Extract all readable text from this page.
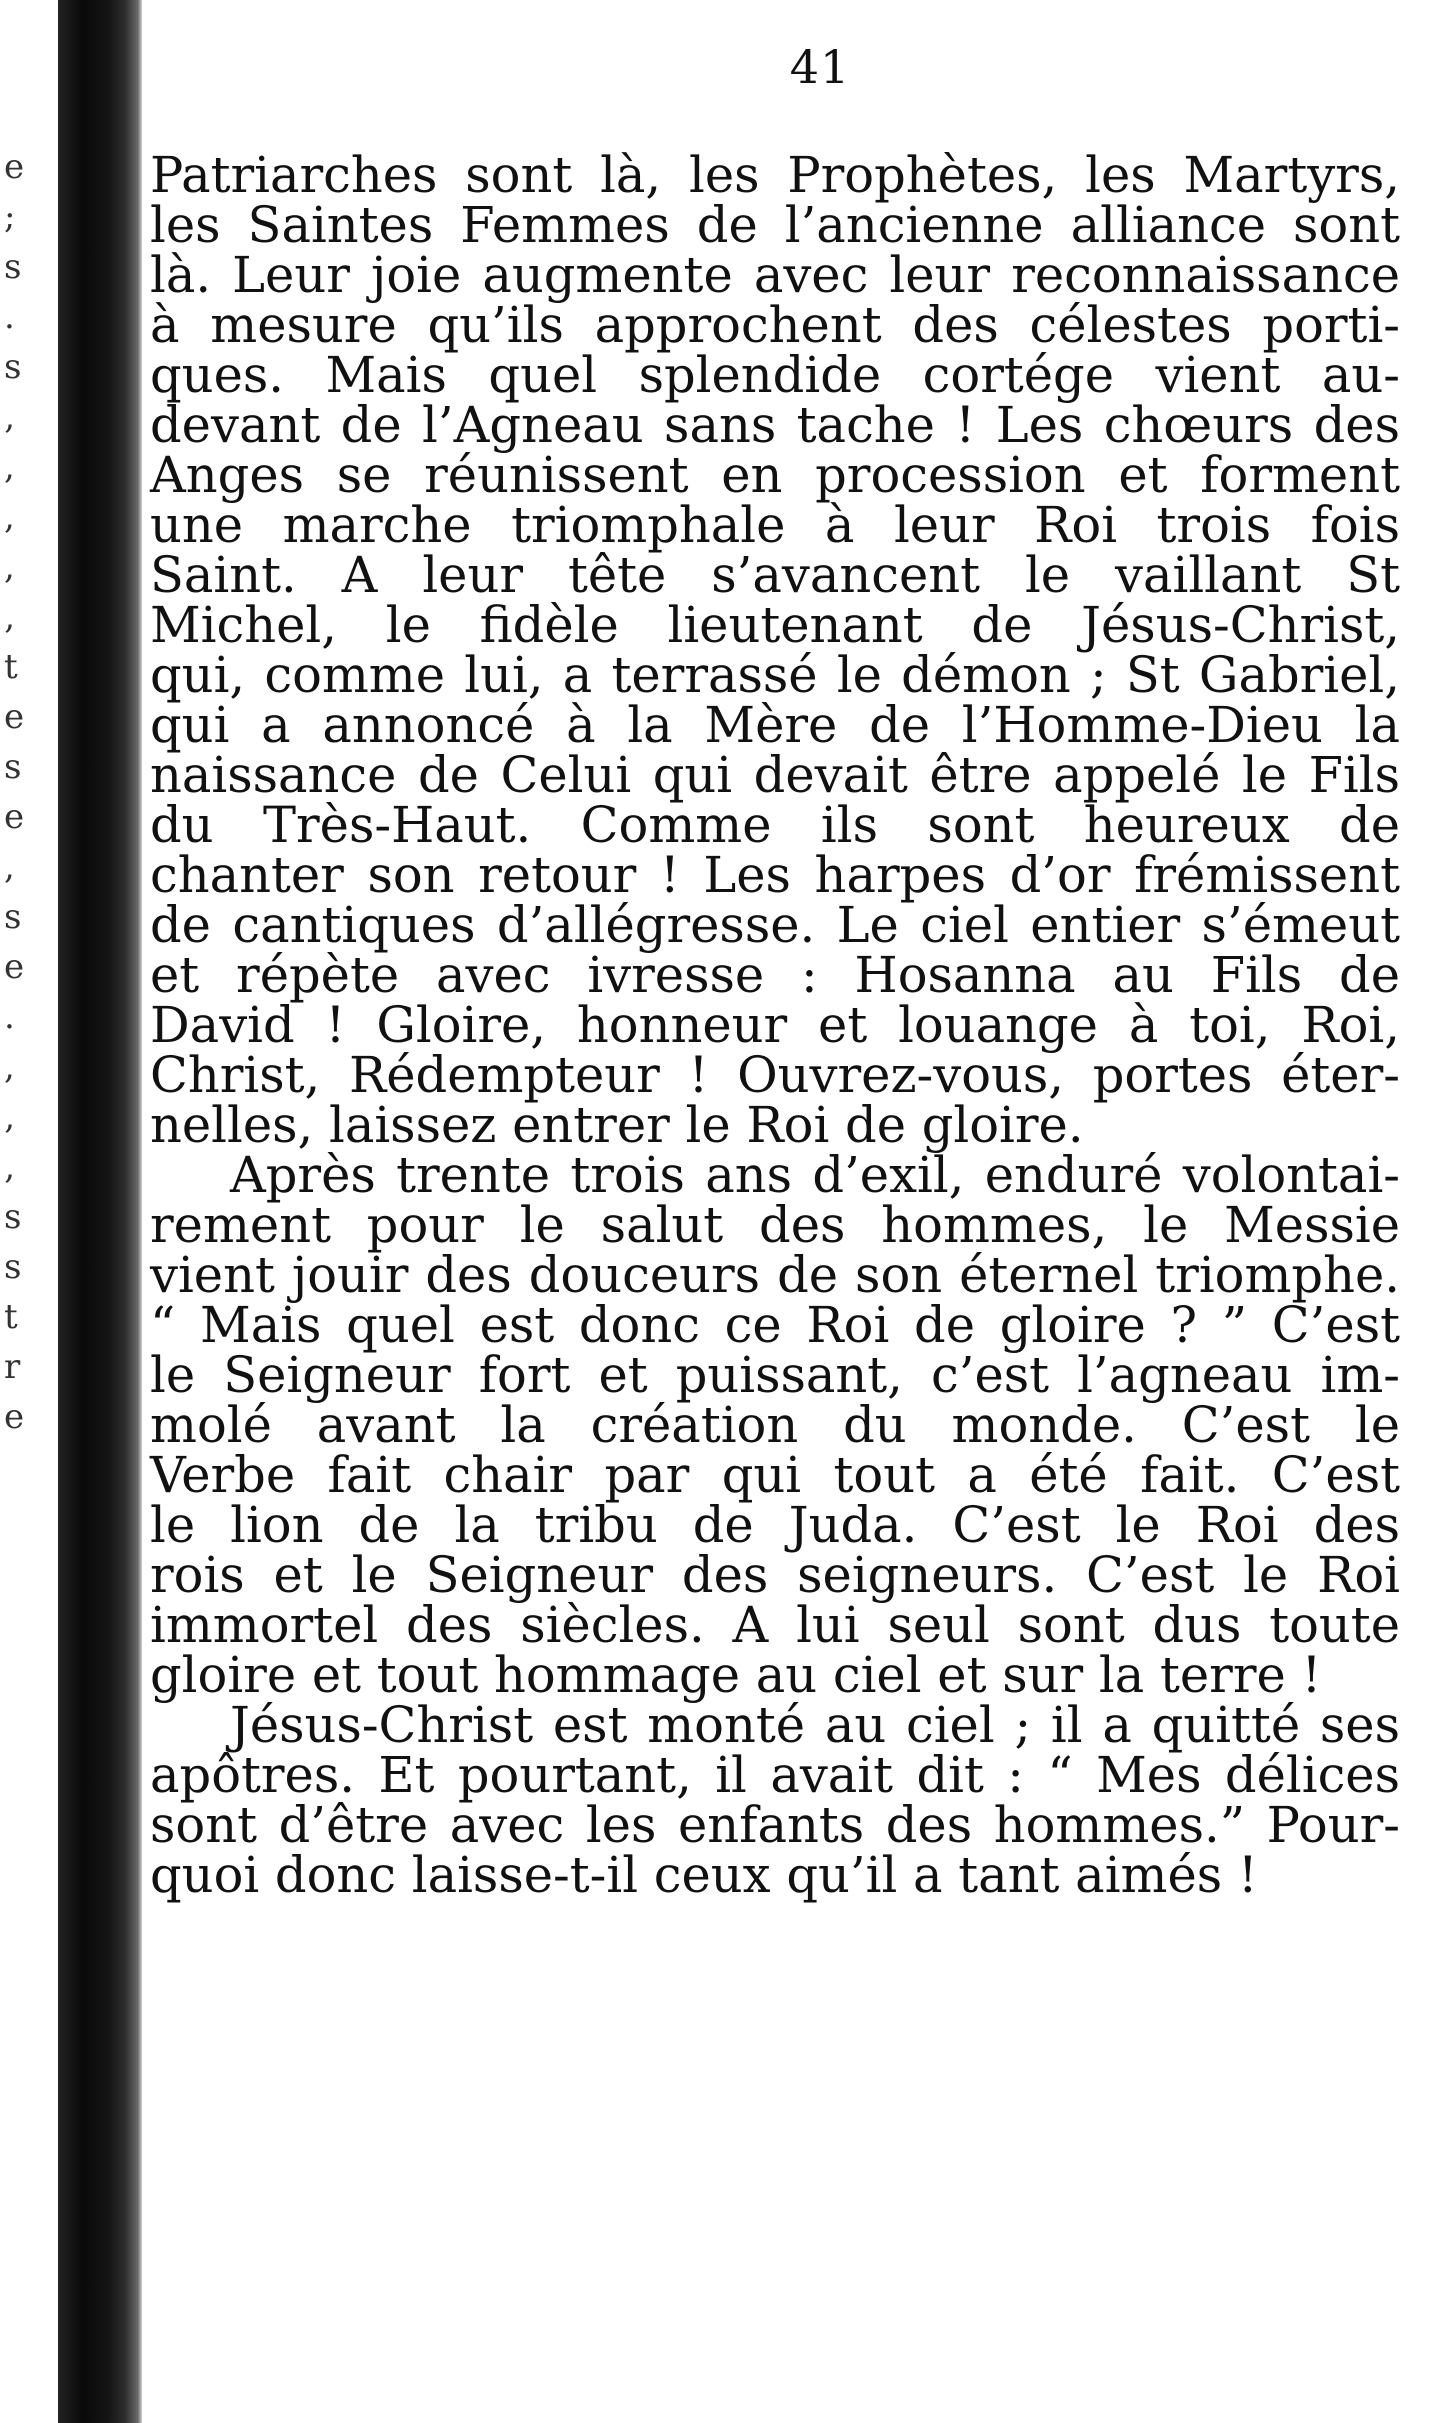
e
;
s
.
s
‚
,
,
,
‚
t
e
s
e
,
s
e
.
,
‚
‚
s
s
t
r
e
41
Patriarches sont là, les Prophètes, les Martyrs,
les Saintes Femmes de l’ancienne alliance sont
là. Leur joie augmente avec leur reconnaissance
à mesure qu’ils approchent des célestes porti-
ques. Mais quel splendide cortége vient au-
devant de l’Agneau sans tache ! Les chœurs des
Anges se réunissent en procession et forment
une marche triomphale à leur Roi trois fois
Saint. A leur tête s’avancent le vaillant St
Michel, le fidèle lieutenant de Jésus-Christ,
qui, comme lui, a terrassé le démon ; St Gabriel,
qui a annoncé à la Mère de l’Homme-Dieu la
naissance de Celui qui devait être appelé le Fils
du Très-Haut. Comme ils sont heureux de
chanter son retour ! Les harpes d’or frémissent
de cantiques d’allégresse. Le ciel entier s’émeut
et répète avec ivresse : Hosanna au Fils de
David ! Gloire, honneur et louange à toi, Roi,
Christ, Rédempteur ! Ouvrez-vous, portes éter-
nelles, laissez entrer le Roi de gloire.
Après trente trois ans d’exil, enduré volontai-
rement pour le salut des hommes, le Messie
vient jouir des douceurs de son éternel triomphe.
“ Mais quel est donc ce Roi de gloire ? ” C’est
le Seigneur fort et puissant, c’est l’agneau im-
molé avant la création du monde. C’est le
Verbe fait chair par qui tout a été fait. C’est
le lion de la tribu de Juda. C’est le Roi des
rois et le Seigneur des seigneurs. C’est le Roi
immortel des siècles. A lui seul sont dus toute
gloire et tout hommage au ciel et sur la terre !
Jésus-Christ est monté au ciel ; il a quitté ses
apôtres. Et pourtant, il avait dit : “ Mes délices
sont d’être avec les enfants des hommes.” Pour-
quoi donc laisse-t-il ceux qu’il a tant aimés !
